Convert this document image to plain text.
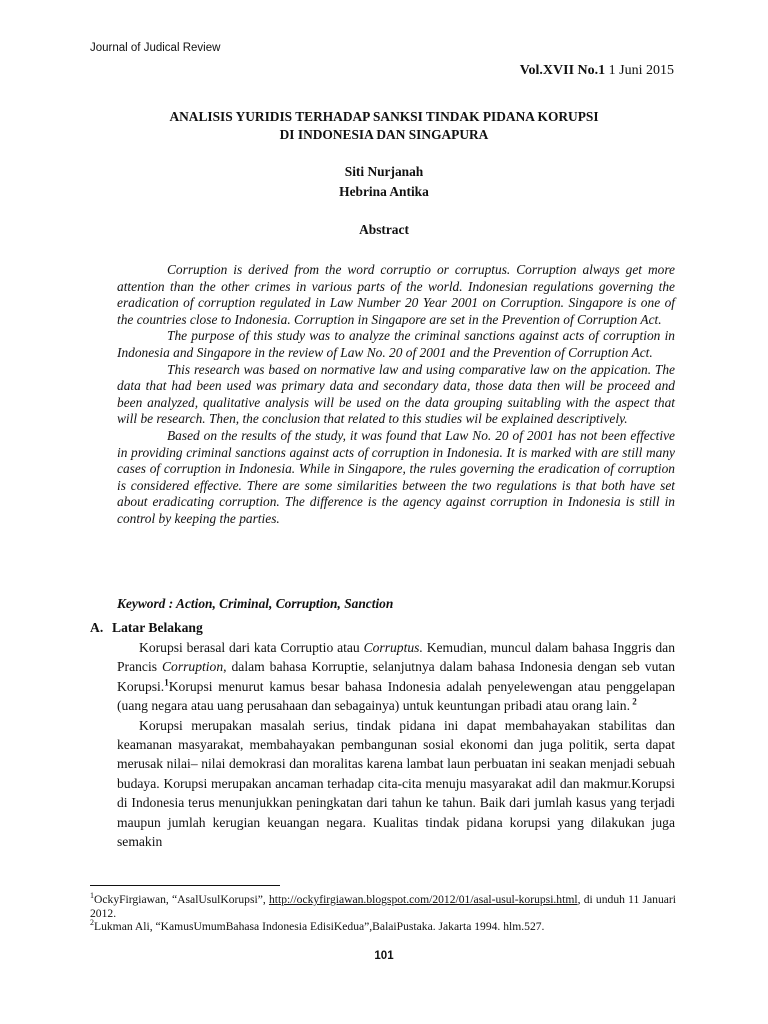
Journal of Judical Review
Vol.XVII No.1 1 Juni 2015
ANALISIS YURIDIS TERHADAP SANKSI TINDAK PIDANA KORUPSI
DI INDONESIA DAN SINGAPURA
Siti Nurjanah
Hebrina Antika
Abstract

Corruption is derived from the word corruptio or corruptus. Corruption always get more attention than the other crimes in various parts of the world. Indonesian regulations governing the eradication of corruption regulated in Law Number 20 Year 2001 on Corruption. Singapore is one of the countries close to Indonesia. Corruption in Singapore are set in the Prevention of Corruption Act.

The purpose of this study was to analyze the criminal sanctions against acts of corruption in Indonesia and Singapore in the review of Law No. 20 of 2001 and the Prevention of Corruption Act.

This research was based on normative law and using comparative law on the appication. The data that had been used was primary data and secondary data, those data then will be proceed and been analyzed, qualitative analysis will be used on the data grouping suitabling with the aspect that will be research. Then, the conclusion that related to this studies wil be explained descriptively.

Based on the results of the study, it was found that Law No. 20 of 2001 has not been effective in providing criminal sanctions against acts of corruption in Indonesia. It is marked with are still many cases of corruption in Indonesia. While in Singapore, the rules governing the eradication of corruption is considered effective. There are some similarities between the two regulations is that both have set about eradicating corruption. The difference is the agency against corruption in Indonesia is still in control by keeping the parties.

Keyword : Action, Criminal, Corruption, Sanction
A. Latar Belakang

Korupsi berasal dari kata Corruptio atau Corruptus. Kemudian, muncul dalam bahasa Inggris dan Prancis Corruption, dalam bahasa Korruptie, selanjutnya dalam bahasa Indonesia dengan seb vutan Korupsi.$^1$Korupsi menurut kamus besar bahasa Indonesia adalah penyelewengan atau penggelapan (uang negara atau uang perusahaan dan sebagainya) untuk keuntungan pribadi atau orang lain. $^2$

Korupsi merupakan masalah serius, tindak pidana ini dapat membahayakan stabilitas dan keamanan masyarakat, membahayakan pembangunan sosial ekonomi dan juga politik, serta dapat merusak nilai– nilai demokrasi dan moralitas karena lambat laun perbuatan ini seakan menjadi sebuah budaya. Korupsi merupakan ancaman terhadap cita-cita menuju masyarakat adil dan makmur.Korupsi di Indonesia terus menunjukkan peningkatan dari tahun ke tahun. Baik dari jumlah kasus yang terjadi maupun jumlah kerugian keuangan negara. Kualitas tindak pidana korupsi yang dilakukan juga semakin

$^1$OckyFirgiawan, “AsalUsulKorupsi”, http://ockyfirgiawan.blogspot.com/2012/01/asal-usul-korupsi.html, di unduh 11 Januari 2012.

$^2$Lukman Ali, “KamusUmumBahasa Indonesia EdisiKedua”,BalaiPustaka. Jakarta 1994. hlm.527.

101
